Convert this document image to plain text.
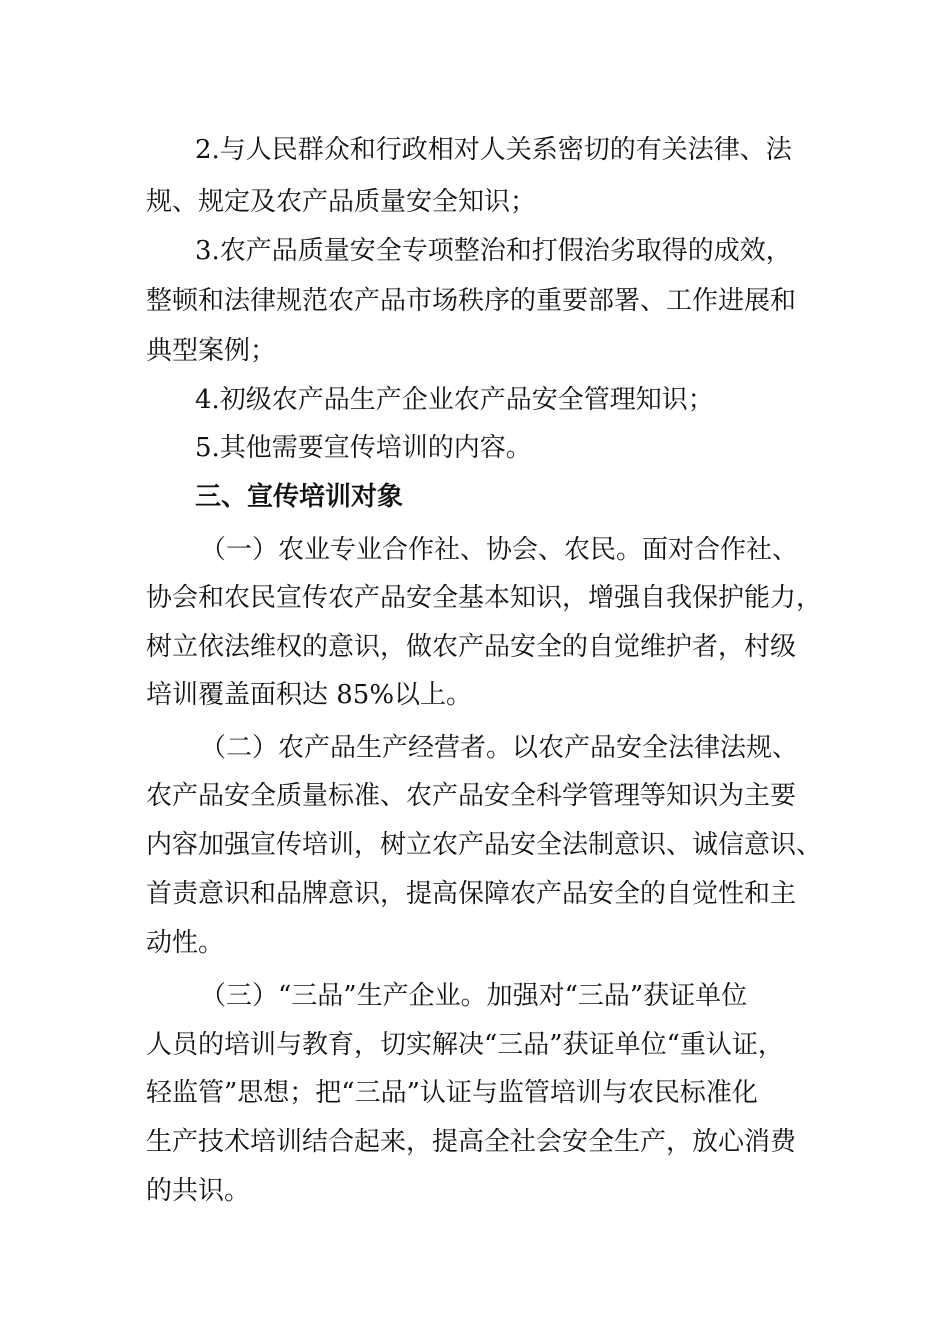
2.与人民群众和行政相对人关系密切的有关法律、法
规、规定及农产品质量安全知识；
3.农产品质量安全专项整治和打假治劣取得的成效，
整顿和法律规范农产品市场秩序的重要部署、工作进展和
典型案例；
4.初级农产品生产企业农产品安全管理知识；
5.其他需要宣传培训的内容。
三、宣传培训对象
（一）农业专业合作社、协会、农民。面对合作社、
协会和农民宣传农产品安全基本知识，增强自我保护能力，
树立依法维权的意识，做农产品安全的自觉维护者，村级
培训覆盖面积达 85%以上。
（二）农产品生产经营者。以农产品安全法律法规、
农产品安全质量标准、农产品安全科学管理等知识为主要
内容加强宣传培训，树立农产品安全法制意识、诚信意识、
首责意识和品牌意识，提高保障农产品安全的自觉性和主
动性。
（三）“三品”生产企业。加强对“三品”获证单位
人员的培训与教育，切实解决“三品”获证单位“重认证，
轻监管”思想；把“三品”认证与监管培训与农民标准化
生产技术培训结合起来，提高全社会安全生产，放心消费
的共识。
